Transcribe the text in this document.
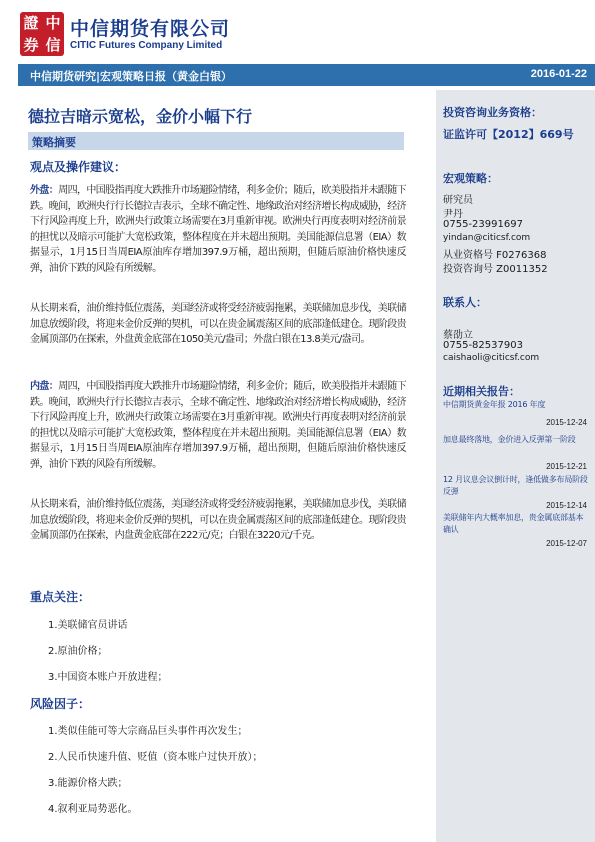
證 中
券 信
中信期货有限公司
CITIC Futures Company Limited
中信期货研究|宏观策略日报（黄金白银）	2016-01-22
德拉吉暗示宽松，金价小幅下行
策略摘要
观点及操作建议：
外盘：周四，中国股指再度大跌推升市场避险情绪，利多金价；随后，欧美股指并未跟随下跌。晚间，欧洲央行行长德拉吉表示，全球不确定性、地缘政治对经济增长构成威胁，经济下行风险再度上升，欧洲央行政策立场需要在3月重新审视。欧洲央行再度表明对经济前景的担忧以及暗示可能扩大宽松政策，整体程度在并未超出预期。美国能源信息署（EIA）数据显示，1月15日当周EIA原油库存增加397.9万桶，超出预期，但随后原油价格快速反弹，油价下跌的风险有所缓解。
从长期来看，油价维持低位震荡，美国经济或将受经济疲弱拖累，美联储加息步伐，美联储加息放缓阶段，将迎来金价反弹的契机，可以在贵金属震荡区间的底部逢低建仓。现阶段贵金属顶部仍在探索，外盘黄金底部在1050美元/盎司；外盘白银在13.8美元/盎司。
内盘：周四，中国股指再度大跌推升市场避险情绪，利多金价；随后，欧美股指并未跟随下跌。晚间，欧洲央行行长德拉吉表示，全球不确定性、地缘政治对经济增长构成威胁，经济下行风险再度上升，欧洲央行政策立场需要在3月重新审视。欧洲央行再度表明对经济前景的担忧以及暗示可能扩大宽松政策，整体程度在并未超出预期。美国能源信息署（EIA）数据显示，1月15日当周EIA原油库存增加397.9万桶，超出预期，但随后原油价格快速反弹，油价下跌的风险有所缓解。
从长期来看，油价维持低位震荡，美国经济或将受经济疲弱拖累，美联储加息步伐，美联储加息放缓阶段，将迎来金价反弹的契机，可以在贵金属震荡区间的底部逢低建仓。现阶段贵金属顶部仍在探索，内盘黄金底部在222元/克；白银在3220元/千克。
重点关注：
1.美联储官员讲话
2.原油价格；
3.中国资本账户开放进程；
风险因子：
1.类似佳能可等大宗商品巨头事件再次发生；
2.人民币快速升值、贬值（资本账户过快开放）；
3.能源价格大跌；
4.叙利亚局势恶化。
投资咨询业务资格：
证监许可【2012】669号
宏观策略：
研究员
尹丹
0755-23991697
yindan@citicsf.com
从业资格号 F0276368
投资咨询号 Z0011352
联系人：
蔡劭立
0755-82537903
caishaoli@citicsf.com
近期相关报告：
中信期货黄金年报 2016 年度
2015-12-24
加息最终落地，金价进入反弹第一阶段
2015-12-21
12 月议息会议倒计时，逢低做多布局阶段反弹
2015-12-14
美联储年内大概率加息，贵金属底部基本确认
2015-12-07
